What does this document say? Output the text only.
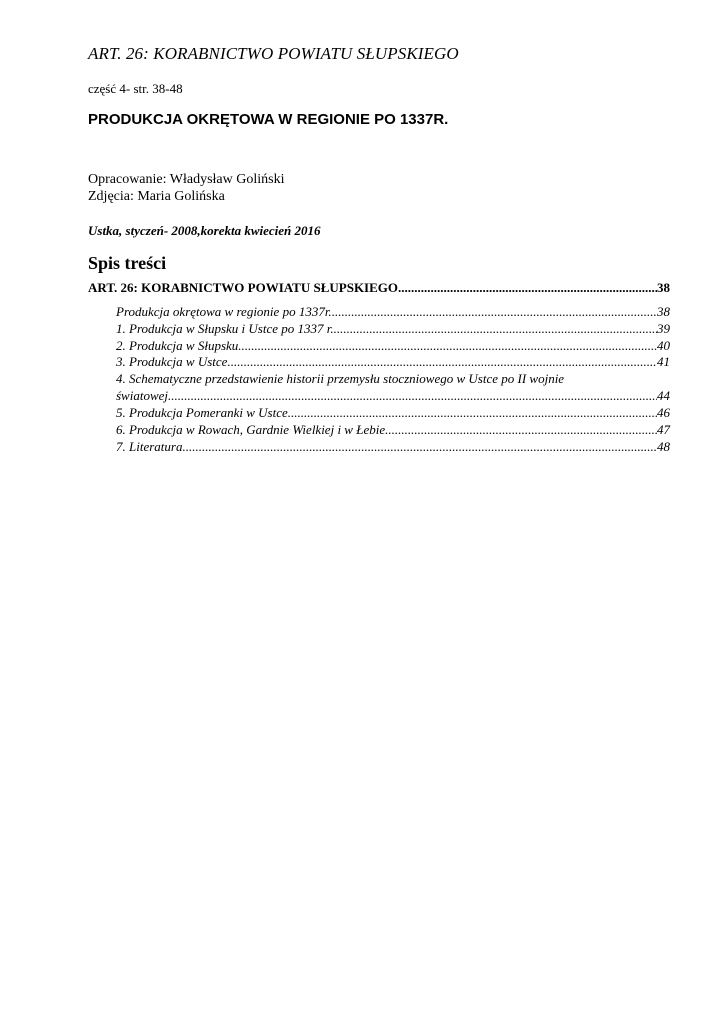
ART. 26: KORABNICTWO POWIATU SŁUPSKIEGO
część 4- str. 38-48
PRODUKCJA OKRĘTOWA W REGIONIE PO 1337R.
Opracowanie: Władysław Goliński
Zdjęcia: Maria Golińska
Ustka, styczeń- 2008,korekta kwiecień 2016
Spis treści
ART. 26: KORABNICTWO POWIATU SŁUPSKIEGO .....	38
Produkcja okrętowa w regionie po 1337r. .....	38
1. Produkcja w Słupsku i Ustce po 1337 r. .....	39
2. Produkcja w Słupsku .....	40
3. Produkcja w Ustce .....	41
4. Schematyczne przedstawienie historii przemysłu stoczniowego w Ustce po II wojnie
światowej .....	44
5. Produkcja Pomeranki w Ustce .....	46
6. Produkcja w Rowach, Gardnie Wielkiej i w Łebie .....	47
7. Literatura .....	48
